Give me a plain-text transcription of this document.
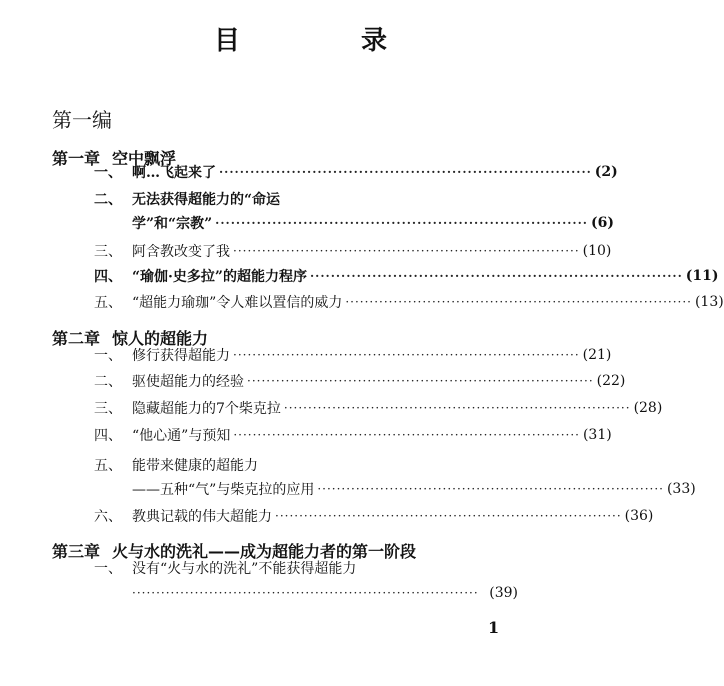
目 录
第一编
第一章 空中飘浮
一、 啊…飞起来了 ········································································ (2)
二、 无法获得超能力的“命运
学”和“宗教” ········································································ (6)
三、 阿含教改变了我 ········································································ (10)
四、 “瑜伽·史多拉”的超能力程序 ········································································ (11)
五、 “超能力瑜珈”令人难以置信的威力 ········································································ (13)
第二章 惊人的超能力
一、 修行获得超能力 ········································································ (21)
二、 驱使超能力的经验 ········································································ (22)
三、 隐藏超能力的7个柴克拉 ········································································ (28)
四、 “他心通”与预知 ········································································ (31)
五、 能带来健康的超能力
——五种“气”与柴克拉的应用 ········································································ (33)
六、 教典记载的伟大超能力 ········································································ (36)
第三章 火与水的洗礼——成为超能力者的第一阶段
一、 没有“火与水的洗礼”不能获得超能力
········································································ (39)
1
